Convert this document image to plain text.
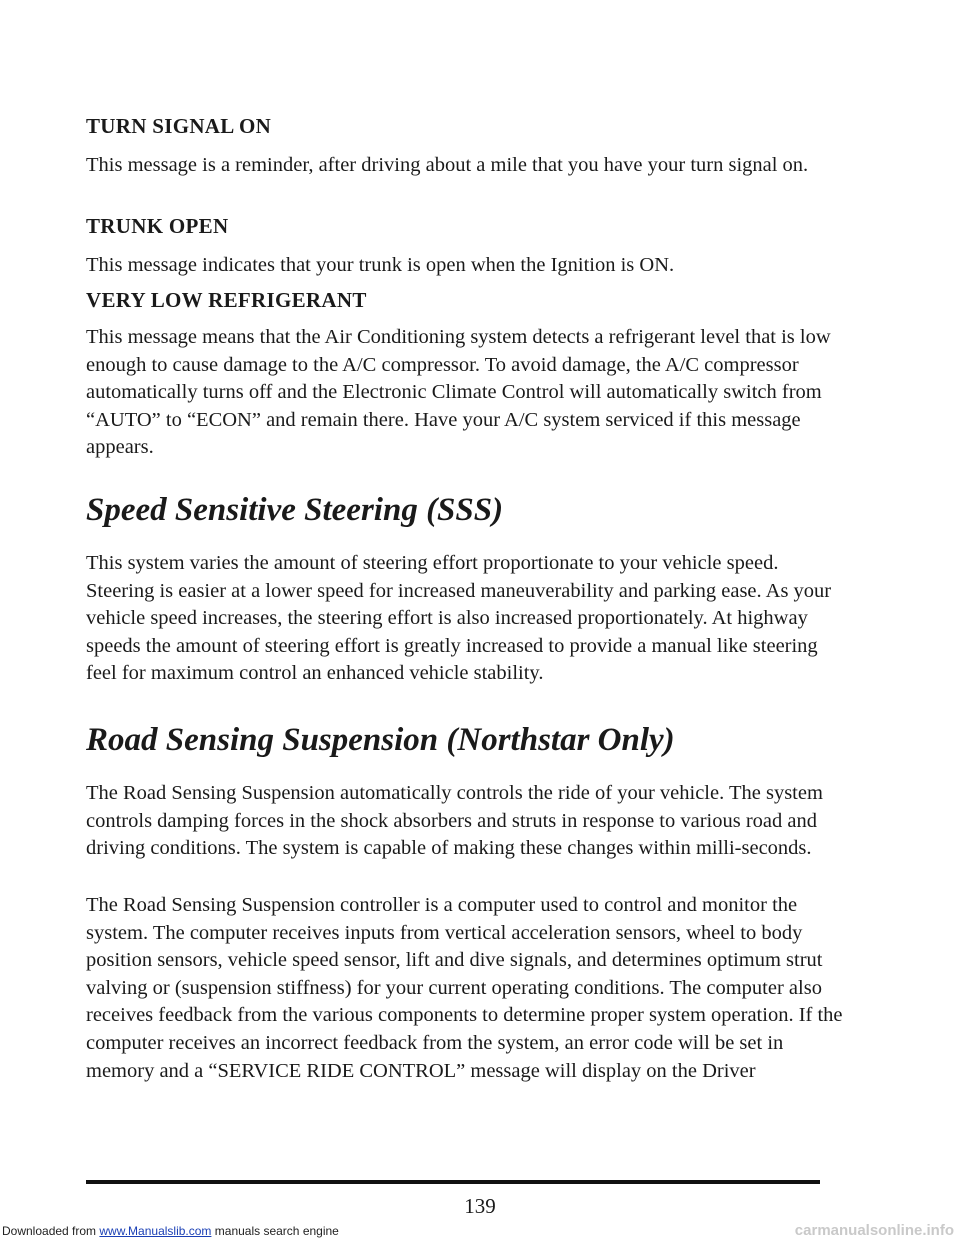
TURN SIGNAL ON

This message is a reminder, after driving about a mile that you have your turn signal on.

TRUNK OPEN

This message indicates that your trunk is open when the Ignition is ON.

VERY LOW REFRIGERANT

This message means that the Air Conditioning system detects a refrigerant level that is low enough to cause damage to the A/C compressor. To avoid damage, the A/C compressor automatically turns off and the Electronic Climate Control will automatically switch from “AUTO” to “ECON” and remain there. Have your A/C system serviced if this message appears.

Speed Sensitive Steering (SSS)

This system varies the amount of steering effort proportionate to your vehicle speed. Steering is easier at a lower speed for increased maneuverability and parking ease. As your vehicle speed increases, the steering effort is also increased proportionately. At highway speeds the amount of steering effort is greatly increased to provide a manual like steering feel for maximum control an enhanced vehicle stability.

Road Sensing Suspension (Northstar Only)

The Road Sensing Suspension automatically controls the ride of your vehicle. The system controls damping forces in the shock absorbers and struts in response to various road and driving conditions. The system is capable of making these changes within milli-seconds.

The Road Sensing Suspension controller is a computer used to control and monitor the system. The computer receives inputs from vertical acceleration sensors, wheel to body position sensors, vehicle speed sensor, lift and dive signals, and determines optimum strut valving or (suspension stiffness) for your current operating conditions. The computer also receives feedback from the various components to determine proper system operation. If the computer receives an incorrect feedback from the system, an error code will be set in memory and a “SERVICE RIDE CONTROL” message will display on the Driver

139
Downloaded from www.Manualslib.com manuals search engine	carmanualsonline.info
